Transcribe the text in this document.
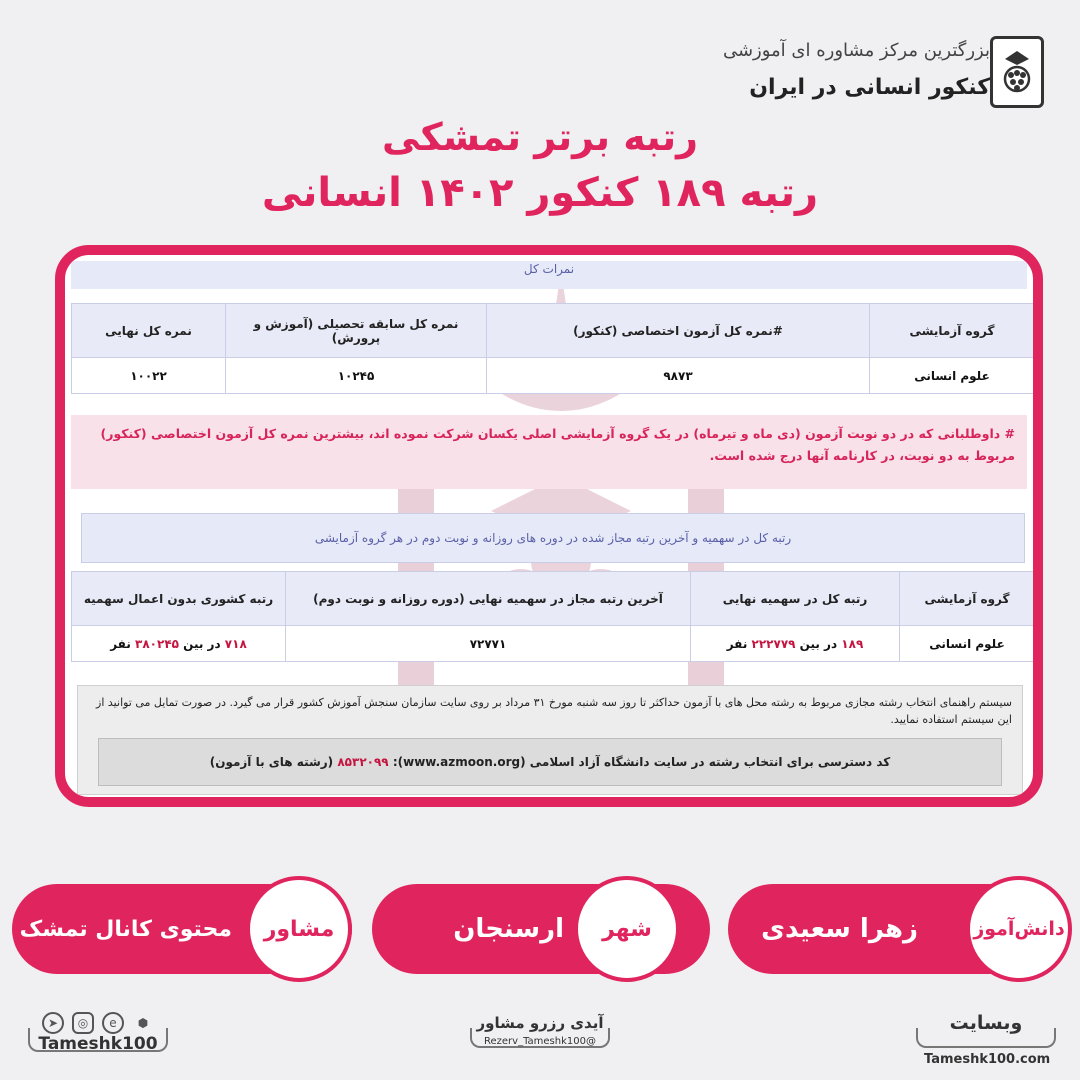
بزرگترین مرکز مشاوره ای آموزشی
کنکور انسانی در ایران
رتبه برتر تمشکی
رتبه ۱۸۹ کنکور ۱۴۰۲ انسانی
نمرات کل
گروه آزمایشی	#نمره کل آزمون اختصاصی (کنکور)	نمره کل سابقه تحصیلی (آموزش و پرورش)	نمره کل نهایی
علوم انسانی	۹۸۷۳	۱۰۲۴۵	۱۰۰۲۲
# داوطلبانی که در دو نوبت آزمون (دی ماه و تیرماه) در یک گروه آزمایشی اصلی یکسان شرکت نموده اند، بیشترین نمره کل آزمون اختصاصی (کنکور) مربوط به دو نوبت، در کارنامه آنها درج شده است.
رتبه کل در سهمیه و آخرین رتبه مجاز شده در دوره های روزانه و نوبت دوم در هر گروه آزمایشی
گروه آزمایشی	رتبه کل در سهمیه نهایی	آخرین رتبه مجاز در سهمیه نهایی (دوره روزانه و نوبت دوم)	رتبه کشوری بدون اعمال سهمیه
علوم انسانی	۱۸۹ در بین ۲۲۲۷۷۹ نفر	۷۲۷۷۱	۷۱۸ در بین ۳۸۰۲۴۵ نفر
سیستم راهنمای انتخاب رشته مجازی مربوط به رشته محل های با آزمون حداکثر تا روز سه شنبه مورخ ۳۱ مرداد بر روی سایت سازمان سنجش آموزش کشور قرار می گیرد. در صورت تمایل می توانید از این سیستم استفاده نمایید.
کد دسترسی برای انتخاب رشته در سایت دانشگاه آزاد اسلامی (www.azmoon.org): ۸۵۳۲۰۹۹ (رشته های با آزمون)
دانش‌آموز
زهرا سعیدی
شهر
ارسنجان
مشاور
محتوی کانال تمشک
وبسایت
Tameshk100.com
آیدی رزرو مشاور
@Rezerv_Tameshk100
➤	◎	e	⬢
Tameshk100
